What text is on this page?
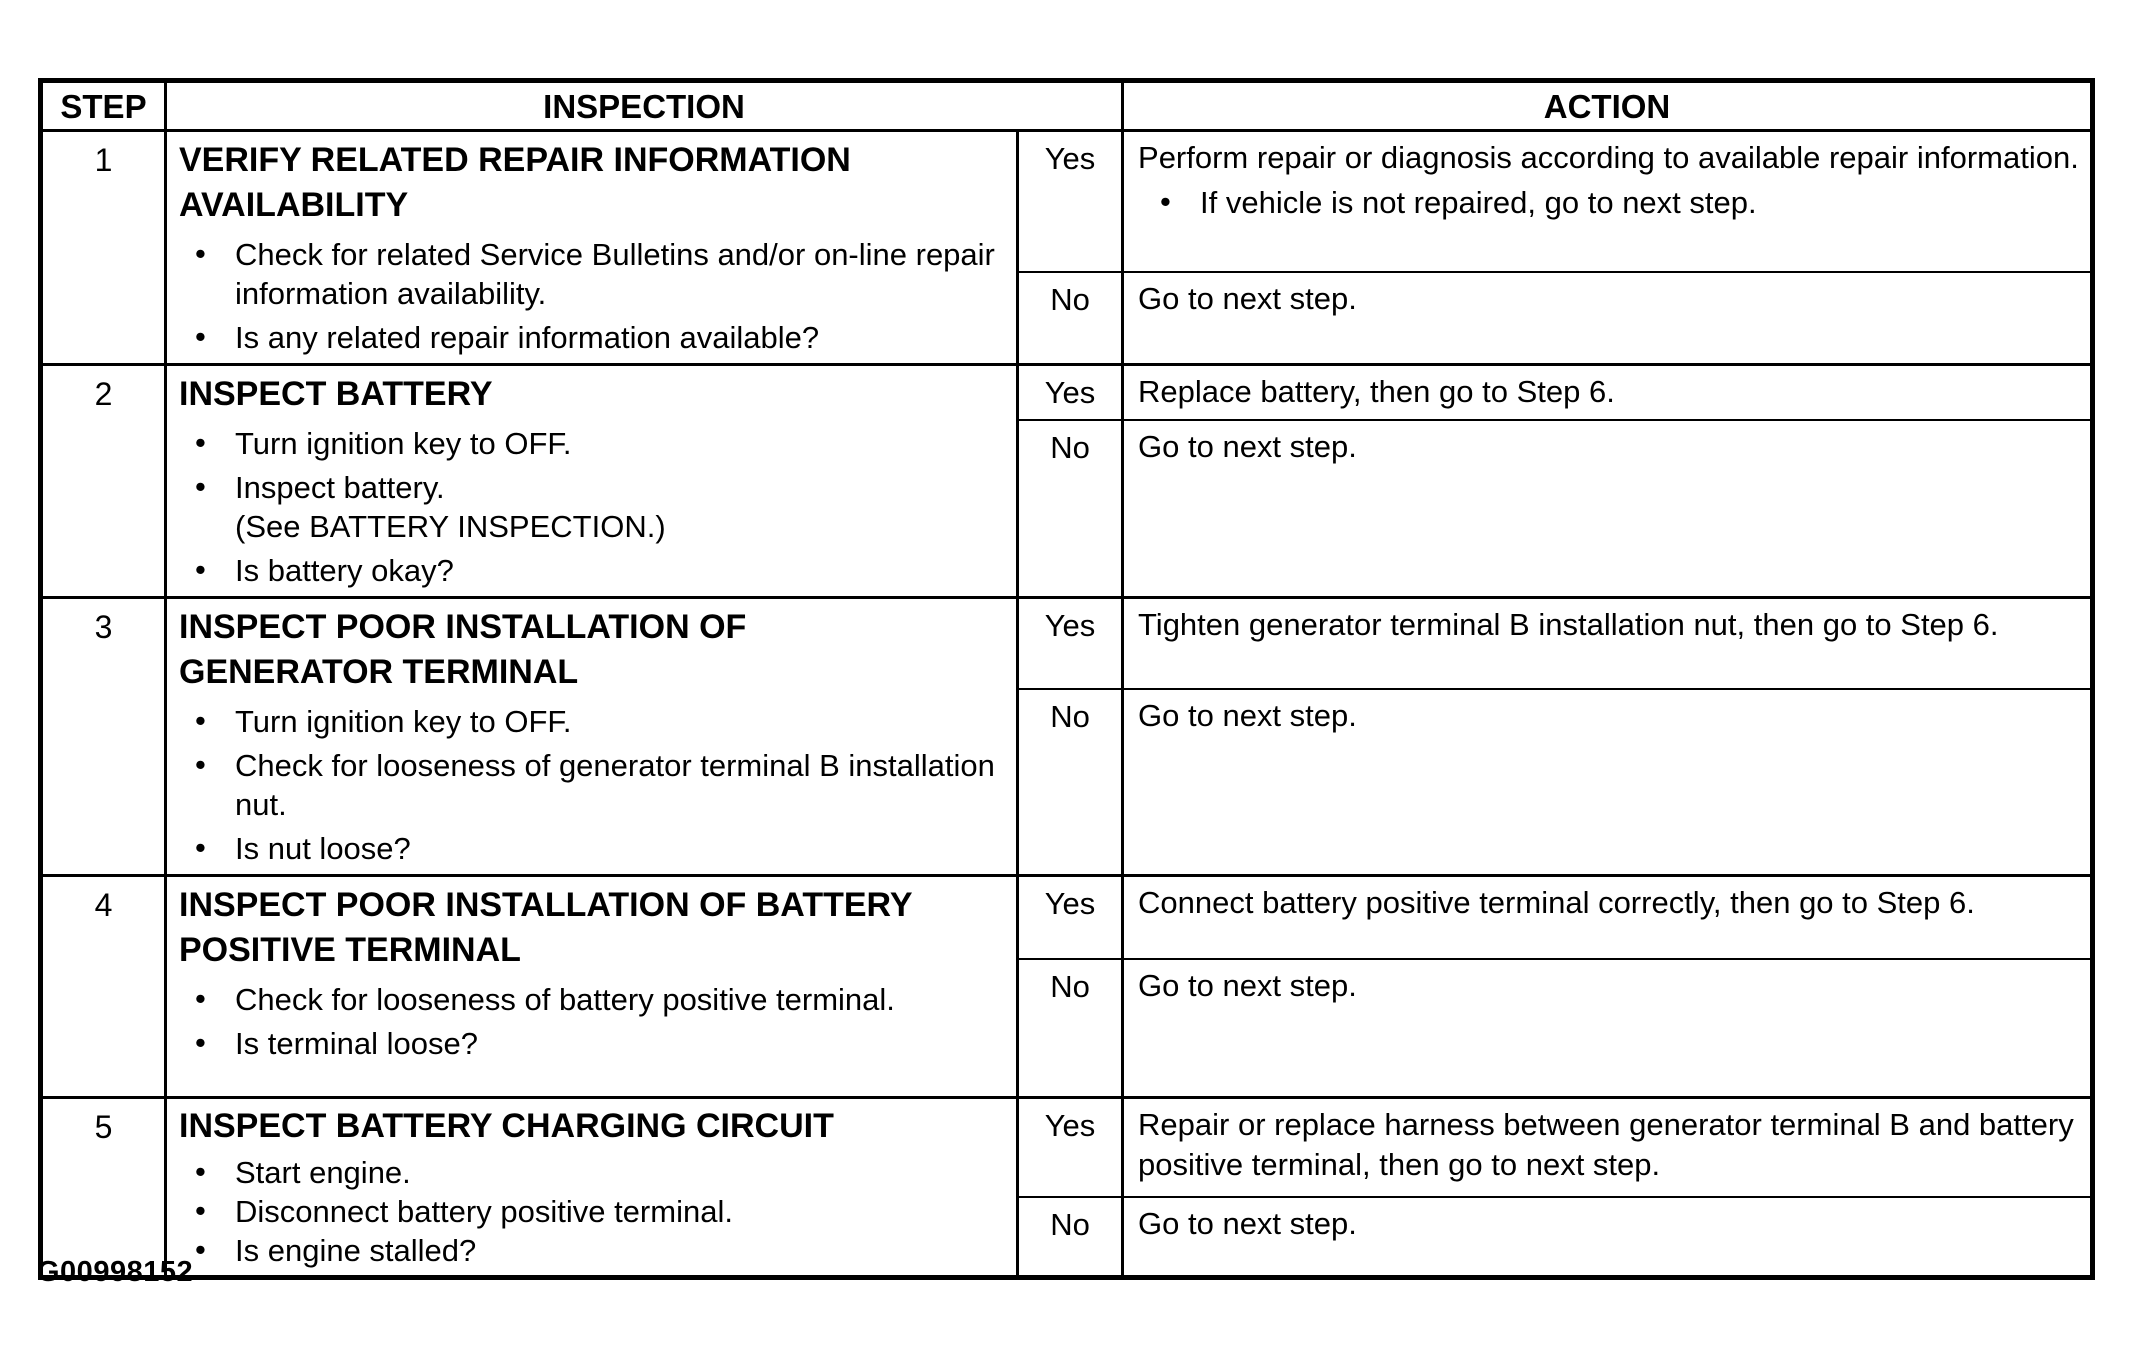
STEP	INSPECTION		ACTION
1	VERIFY RELATED REPAIR INFORMATION
AVAILABILITY
• Check for related Service Bulletins and/or on-line repair information availability.
• Is any related repair information available?
	Yes	Perform repair or diagnosis according to available repair information.
• If vehicle is not repaired, go to next step.

		No	Go to next step.

2	INSPECT BATTERY
• Turn ignition key to OFF.
• Inspect battery.
(See BATTERY INSPECTION.)
• Is battery okay?
	Yes	Replace battery, then go to Step 6.

		No	Go to next step.

3	INSPECT POOR INSTALLATION OF
GENERATOR TERMINAL
• Turn ignition key to OFF.
• Check for looseness of generator terminal B installation nut.
• Is nut loose?
	Yes	Tighten generator terminal B installation nut, then go to Step 6.

		No	Go to next step.

4	INSPECT POOR INSTALLATION OF BATTERY
POSITIVE TERMINAL
• Check for looseness of battery positive terminal.
• Is terminal loose?
	Yes	Connect battery positive terminal correctly, then go to Step 6.

		No	Go to next step.

5	INSPECT BATTERY CHARGING CIRCUIT
• Start engine.
• Disconnect battery positive terminal.
• Is engine stalled?
	Yes	Repair or replace harness between generator terminal B and battery positive terminal, then go to next step.

		No	Go to next step.
G00998152
